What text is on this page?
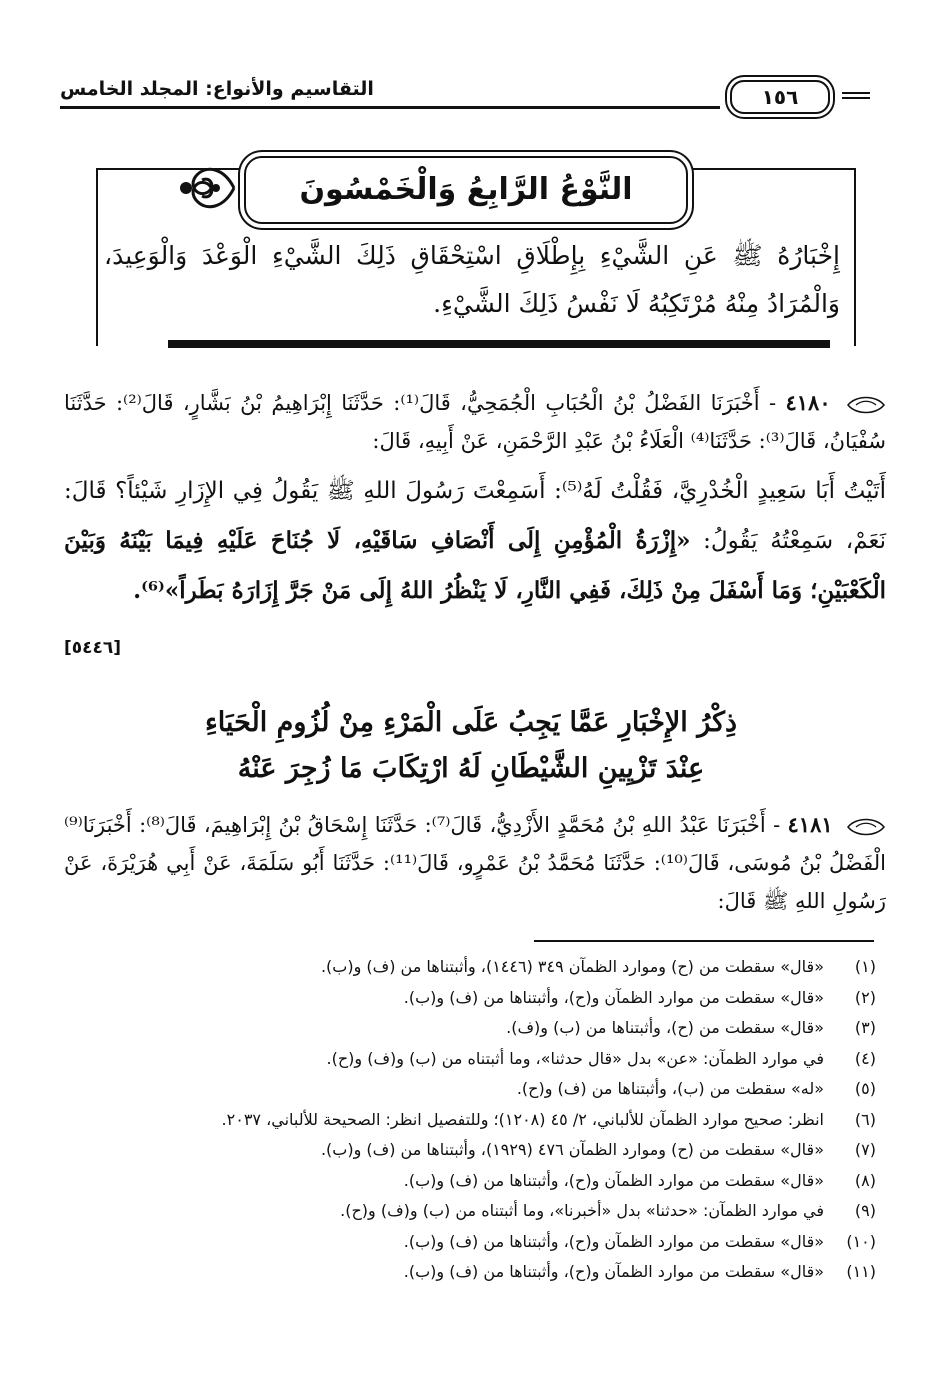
التقاسيم والأنواع: المجلد الخامس	١٥٦
النَّوْعُ الرَّابِعُ وَالْخَمْسُونَ
إِخْبَارُهُ ﷺ عَنِ الشَّيْءِ بِإِطْلَاقِ اسْتِحْقَاقِ ذَلِكَ الشَّيْءِ الْوَعْدَ وَالْوَعِيدَ، وَالْمُرَادُ مِنْهُ مُرْتَكِبُهُ لَا نَفْسُ ذَلِكَ الشَّيْءِ.
٤١٨٠ - أَخْبَرَنَا الفَضْلُ بْنُ الْحُبَابِ الْجُمَحِيُّ، قَالَ⁽¹⁾: حَدَّثَنَا إِبْرَاهِيمُ بْنُ بَشَّارٍ، قَالَ⁽²⁾: حَدَّثَنَا سُفْيَانُ، قَالَ⁽³⁾: حَدَّثَنَا⁽⁴⁾ الْعَلَاءُ بْنُ عَبْدِ الرَّحْمَنِ، عَنْ أَبِيهِ، قَالَ:
أَتَيْتُ أَبَا سَعِيدٍ الْخُدْرِيَّ، فَقُلْتُ لَهُ⁽⁵⁾: أَسَمِعْتَ رَسُولَ اللهِ ﷺ يَقُولُ فِي الإِزَارِ شَيْئاً؟ قَالَ: نَعَمْ، سَمِعْتُهُ يَقُولُ: «إِزْرَةُ الْمُؤْمِنِ إِلَى أَنْصَافِ سَاقَيْهِ، لَا جُنَاحَ عَلَيْهِ فِيمَا بَيْنَهُ وَبَيْنَ الْكَعْبَيْنِ؛ وَمَا أَسْفَلَ مِنْ ذَلِكَ، فَفِي النَّارِ، لَا يَنْظُرُ اللهُ إِلَى مَنْ جَرَّ إِزَارَهُ بَطَراً»⁽⁶⁾.
[٥٤٤٦]
ذِكْرُ الإِخْبَارِ عَمَّا يَجِبُ عَلَى الْمَرْءِ مِنْ لُزُومِ الْحَيَاءِ
عِنْدَ تَزْيِينِ الشَّيْطَانِ لَهُ ارْتِكَابَ مَا زُجِرَ عَنْهُ
٤١٨١ - أَخْبَرَنَا عَبْدُ اللهِ بْنُ مُحَمَّدٍ الأَزْدِيُّ، قَالَ⁽⁷⁾: حَدَّثَنَا إِسْحَاقُ بْنُ إِبْرَاهِيمَ، قَالَ⁽⁸⁾: أَخْبَرَنَا⁽⁹⁾ الْفَضْلُ بْنُ مُوسَى، قَالَ⁽¹⁰⁾: حَدَّثَنَا مُحَمَّدُ بْنُ عَمْرٍو، قَالَ⁽¹¹⁾: حَدَّثَنَا أَبُو سَلَمَةَ، عَنْ أَبِي هُرَيْرَةَ، عَنْ رَسُولِ اللهِ ﷺ قَالَ:
(١)
«قال» سقطت من (ح) وموارد الظمآن ٣٤٩ (١٤٤٦)، وأثبتناها من (ف) و(ب).
(٢)
«قال» سقطت من موارد الظمآن و(ح)، وأثبتناها من (ف) و(ب).
(٣)
«قال» سقطت من (ح)، وأثبتناها من (ب) و(ف).
(٤)
في موارد الظمآن: «عن» بدل «قال حدثنا»، وما أثبتناه من (ب) و(ف) و(ح).
(٥)
«له» سقطت من (ب)، وأثبتناها من (ف) و(ح).
(٦)
انظر: صحيح موارد الظمآن للألباني، ٢/ ٤٥ (١٢٠٨)؛ وللتفصيل انظر: الصحيحة للألباني، ٢٠٣٧.
(٧)
«قال» سقطت من (ح) وموارد الظمآن ٤٧٦ (١٩٢٩)، وأثبتناها من (ف) و(ب).
(٨)
«قال» سقطت من موارد الظمآن و(ح)، وأثبتناها من (ف) و(ب).
(٩)
في موارد الظمآن: «حدثنا» بدل «أخبرنا»، وما أثبتناه من (ب) و(ف) و(ح).
(١٠)
«قال» سقطت من موارد الظمآن و(ح)، وأثبتناها من (ف) و(ب).
(١١)
«قال» سقطت من موارد الظمآن و(ح)، وأثبتناها من (ف) و(ب).
